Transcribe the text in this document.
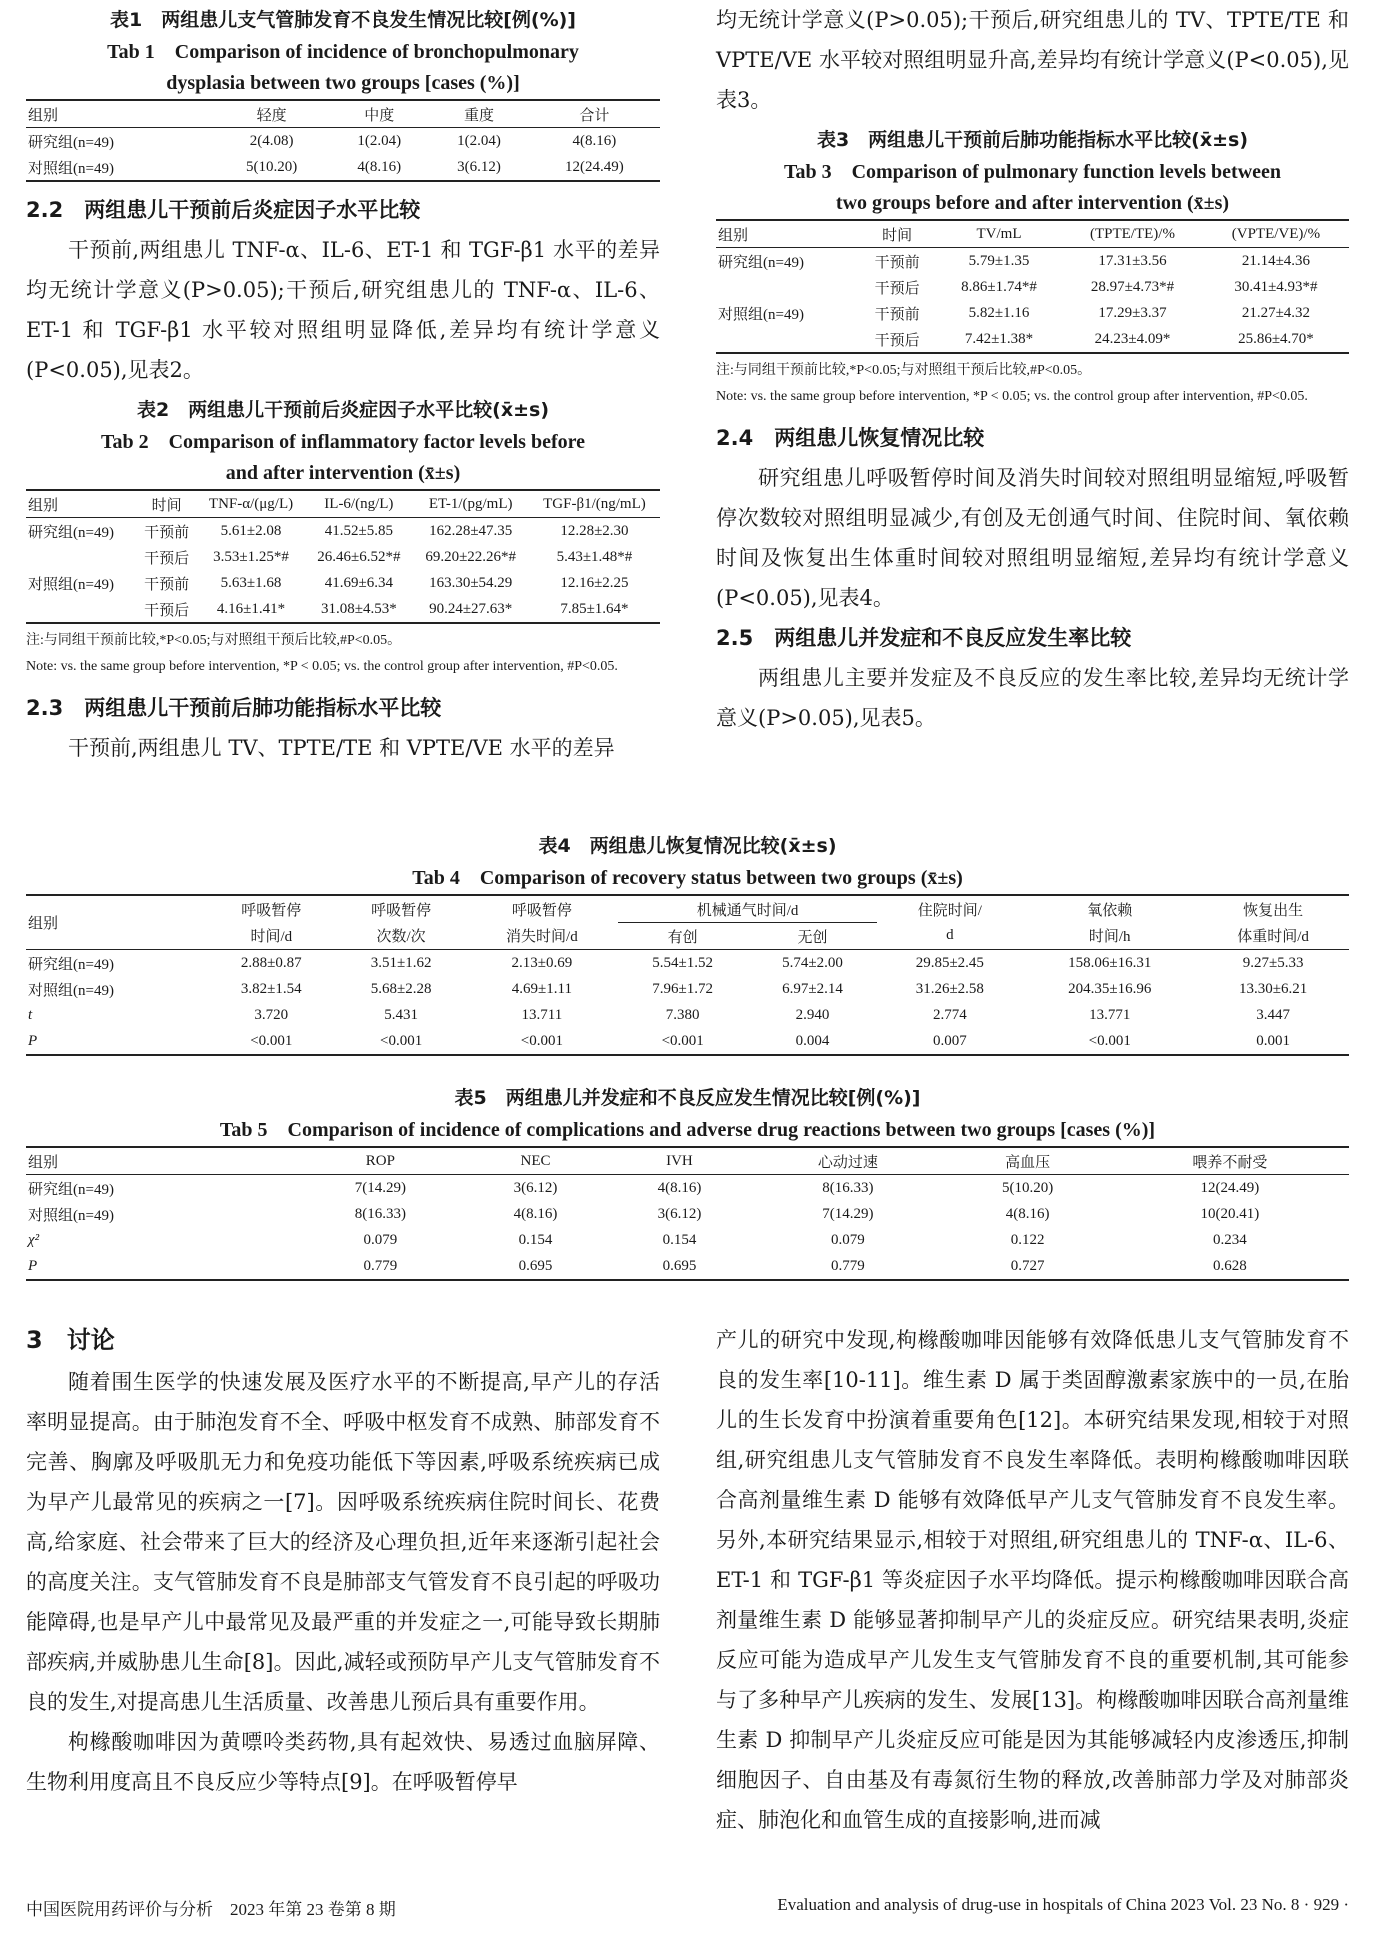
表1　两组患儿支气管肺发育不良发生情况比较[例(%)]

Tab 1　Comparison of incidence of bronchopulmonary

dysplasia between two groups [cases (%)]

组别	轻度	中度	重度	合计
研究组(n=49)	2(4.08)	1(2.04)	1(2.04)	4(8.16)
对照组(n=49)	5(10.20)	4(8.16)	3(6.12)	12(24.49)

2.2　两组患儿干预前后炎症因子水平比较

干预前,两组患儿 TNF-α、IL-6、ET-1 和 TGF-β1 水平的差异均无统计学意义(P>0.05);干预后,研究组患儿的 TNF-α、IL-6、ET-1 和 TGF-β1 水平较对照组明显降低,差异均有统计学意义(P<0.05),见表2。

表2　两组患儿干预前后炎症因子水平比较(x̄±s)

Tab 2　Comparison of inflammatory factor levels before

and after intervention (x̄±s)

组别	时间	TNF-α/(μg/L)	IL-6/(ng/L)	ET-1/(pg/mL)	TGF-β1/(ng/mL)
研究组(n=49)	干预前	5.61±2.08	41.52±5.85	162.28±47.35	12.28±2.30
	干预后	3.53±1.25*#	26.46±6.52*#	69.20±22.26*#	5.43±1.48*#
对照组(n=49)	干预前	5.63±1.68	41.69±6.34	163.30±54.29	12.16±2.25
	干预后	4.16±1.41*	31.08±4.53*	90.24±27.63*	7.85±1.64*

注:与同组干预前比较,*P<0.05;与对照组干预后比较,#P<0.05。

Note: vs. the same group before intervention, *P < 0.05; vs. the control group after intervention, #P<0.05.

2.3　两组患儿干预前后肺功能指标水平比较

干预前,两组患儿 TV、TPTE/TE 和 VPTE/VE 水平的差异

均无统计学意义(P>0.05);干预后,研究组患儿的 TV、TPTE/TE 和 VPTE/VE 水平较对照组明显升高,差异均有统计学意义(P<0.05),见表3。

表3　两组患儿干预前后肺功能指标水平比较(x̄±s)

Tab 3　Comparison of pulmonary function levels between

two groups before and after intervention (x̄±s)

组别	时间	TV/mL	(TPTE/TE)/%	(VPTE/VE)/%
研究组(n=49)	干预前	5.79±1.35	17.31±3.56	21.14±4.36
	干预后	8.86±1.74*#	28.97±4.73*#	30.41±4.93*#
对照组(n=49)	干预前	5.82±1.16	17.29±3.37	21.27±4.32
	干预后	7.42±1.38*	24.23±4.09*	25.86±4.70*

注:与同组干预前比较,*P<0.05;与对照组干预后比较,#P<0.05。

Note: vs. the same group before intervention, *P < 0.05; vs. the control group after intervention, #P<0.05.

2.4　两组患儿恢复情况比较

研究组患儿呼吸暂停时间及消失时间较对照组明显缩短,呼吸暂停次数较对照组明显减少,有创及无创通气时间、住院时间、氧依赖时间及恢复出生体重时间较对照组明显缩短,差异均有统计学意义(P<0.05),见表4。

2.5　两组患儿并发症和不良反应发生率比较

两组患儿主要并发症及不良反应的发生率比较,差异均无统计学意义(P>0.05),见表5。

表4　两组患儿恢复情况比较(x̄±s)

Tab 4　Comparison of recovery status between two groups (x̄±s)

组别	呼吸暂停	呼吸暂停	呼吸暂停	机械通气时间/d		住院时间/	氧依赖	恢复出生
	时间/d	次数/次	消失时间/d	有创	无创	d	时间/h	体重时间/d
研究组(n=49)	2.88±0.87	3.51±1.62	2.13±0.69	5.54±1.52	5.74±2.00	29.85±2.45	158.06±16.31	9.27±5.33
对照组(n=49)	3.82±1.54	5.68±2.28	4.69±1.11	7.96±1.72	6.97±2.14	31.26±2.58	204.35±16.96	13.30±6.21
t	3.720	5.431	13.711	7.380	2.940	2.774	13.771	3.447
P	<0.001	<0.001	<0.001	<0.001	0.004	0.007	<0.001	0.001

表5　两组患儿并发症和不良反应发生情况比较[例(%)]

Tab 5　Comparison of incidence of complications and adverse drug reactions between two groups [cases (%)]

组别	ROP	NEC	IVH	心动过速	高血压	喂养不耐受
研究组(n=49)	7(14.29)	3(6.12)	4(8.16)	8(16.33)	5(10.20)	12(24.49)
对照组(n=49)	8(16.33)	4(8.16)	3(6.12)	7(14.29)	4(8.16)	10(20.41)
χ²	0.079	0.154	0.154	0.079	0.122	0.234
P	0.779	0.695	0.695	0.779	0.727	0.628

3　讨论

随着围生医学的快速发展及医疗水平的不断提高,早产儿的存活率明显提高。由于肺泡发育不全、呼吸中枢发育不成熟、肺部发育不完善、胸廓及呼吸肌无力和免疫功能低下等因素,呼吸系统疾病已成为早产儿最常见的疾病之一[7]。因呼吸系统疾病住院时间长、花费高,给家庭、社会带来了巨大的经济及心理负担,近年来逐渐引起社会的高度关注。支气管肺发育不良是肺部支气管发育不良引起的呼吸功能障碍,也是早产儿中最常见及最严重的并发症之一,可能导致长期肺部疾病,并威胁患儿生命[8]。因此,减轻或预防早产儿支气管肺发育不良的发生,对提高患儿生活质量、改善患儿预后具有重要作用。

枸橼酸咖啡因为黄嘌呤类药物,具有起效快、易透过血脑屏障、生物利用度高且不良反应少等特点[9]。在呼吸暂停早

产儿的研究中发现,枸橼酸咖啡因能够有效降低患儿支气管肺发育不良的发生率[10-11]。维生素 D 属于类固醇激素家族中的一员,在胎儿的生长发育中扮演着重要角色[12]。本研究结果发现,相较于对照组,研究组患儿支气管肺发育不良发生率降低。表明枸橼酸咖啡因联合高剂量维生素 D 能够有效降低早产儿支气管肺发育不良发生率。另外,本研究结果显示,相较于对照组,研究组患儿的 TNF-α、IL-6、ET-1 和 TGF-β1 等炎症因子水平均降低。提示枸橼酸咖啡因联合高剂量维生素 D 能够显著抑制早产儿的炎症反应。研究结果表明,炎症反应可能为造成早产儿发生支气管肺发育不良的重要机制,其可能参与了多种早产儿疾病的发生、发展[13]。枸橼酸咖啡因联合高剂量维生素 D 抑制早产儿炎症反应可能是因为其能够减轻内皮渗透压,抑制细胞因子、自由基及有毒氮衍生物的释放,改善肺部力学及对肺部炎症、肺泡化和血管生成的直接影响,进而减

中国医院用药评价与分析　2023 年第 23 卷第 8 期	Evaluation and analysis of drug-use in hospitals of China 2023 Vol. 23 No. 8 · 929 ·
